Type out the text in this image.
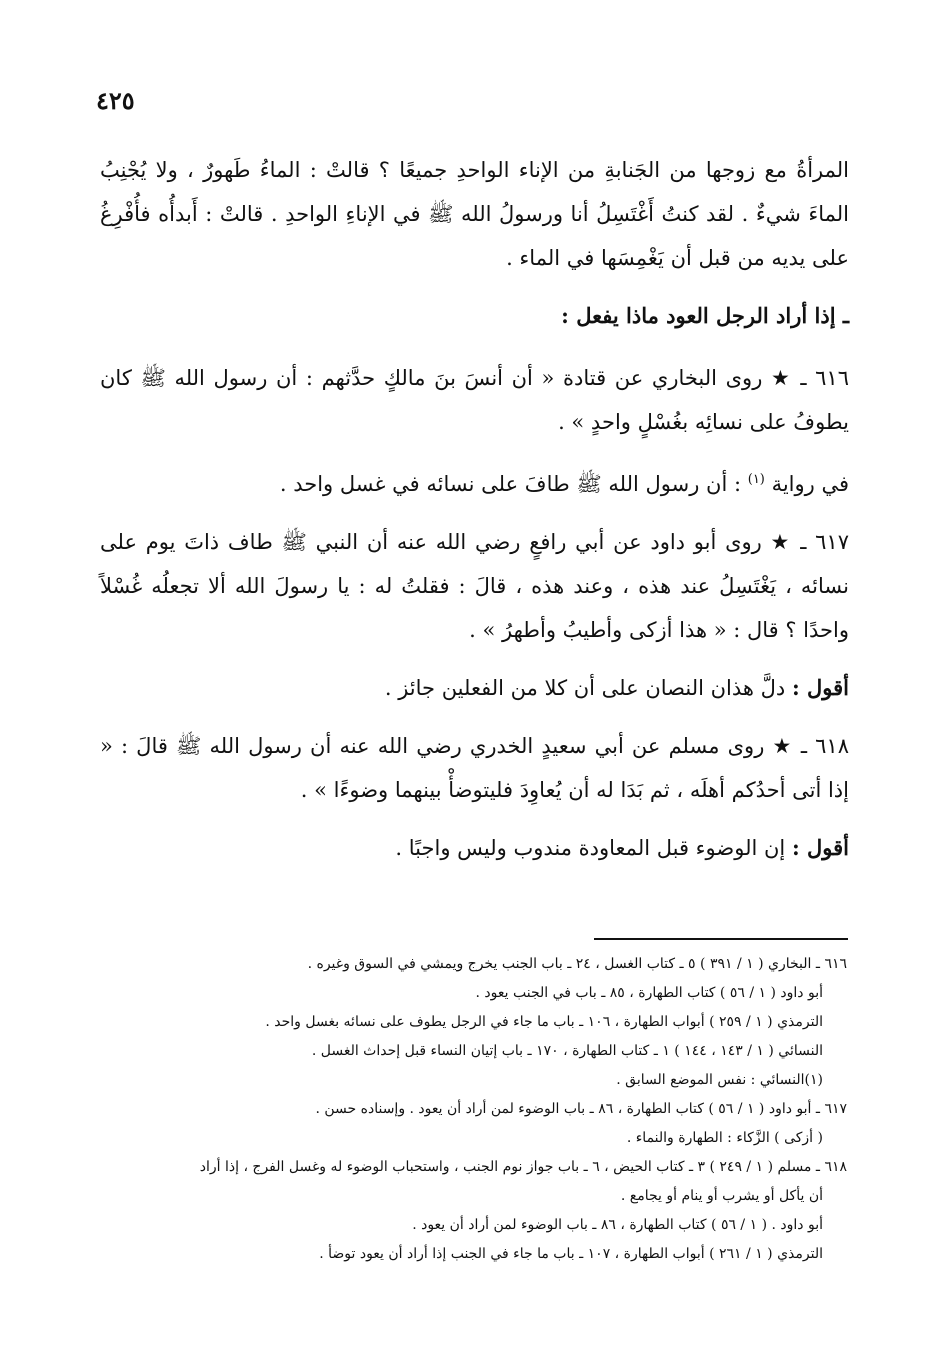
٤٢٥

المرأةُ مع زوجها من الجَنابةِ من الإناء الواحدِ جميعًا ؟ قالتْ : الماءُ طَهورٌ ، ولا يُجْنِبُ الماءَ شيءٌ . لقد كنتُ أَغْتَسِلُ أنا ورسولُ الله ﷺ في الإناءِ الواحدِ . قالتْ : أَبدأُه فأُفْرِغُ على يديه من قبل أن يَغْمِسَها في الماء .

ـ إذا أراد الرجل العود ماذا يفعل :

٦١٦ ـ ★ روى البخاري عن قتادة « أن أنسَ بنَ مالكٍ حدَّثهم : أن رسول الله ﷺ كان يطوفُ على نسائِه بغُسْلٍ واحدٍ » .

في رواية $^{(١)}$ : أن رسول الله ﷺ طافَ على نسائه في غسل واحد .

٦١٧ ـ ★ روى أبو داود عن أبي رافعٍ رضي الله عنه أن النبي ﷺ طاف ذاتَ يوم على نسائه ، يَغْتَسِلُ عند هذه ، وعند هذه ، قالَ : فقلتُ له : يا رسولَ الله ألا تجعلُه غُسْلاً واحدًا ؟ قال : « هذا أزكى وأطيبُ وأطهرُ » .

أقول : دلَّ هذان النصان على أن كلا من الفعلين جائز .

٦١٨ ـ ★ روى مسلم عن أبي سعيدٍ الخدري رضي الله عنه أن رسول الله ﷺ قالَ : « إذا أتى أحدُكم أهلَه ، ثم بَدَا له أن يُعاوِدَ فليتوضأْ بينهما وضوءًا » .

أقول : إن الوضوء قبل المعاودة مندوب وليس واجبًا .

٦١٦ ـ البخاري ( ١ / ٣٩١ ) ٥ ـ كتاب الغسل ، ٢٤ ـ باب الجنب يخرج ويمشي في السوق وغيره .

أبو داود ( ١ / ٥٦ ) كتاب الطهارة ، ٨٥ ـ باب في الجنب يعود .

الترمذي ( ١ / ٢٥٩ ) أبواب الطهارة ، ١٠٦ ـ باب ما جاء في الرجل يطوف على نسائه بغسل واحد .

النسائي ( ١ / ١٤٣ ، ١٤٤ ) ١ ـ كتاب الطهارة ، ١٧٠ ـ باب إتيان النساء قبل إحداث الغسل .

(١)النسائي : نفس الموضع السابق .

٦١٧ ـ أبو داود ( ١ / ٥٦ ) كتاب الطهارة ، ٨٦ ـ باب الوضوء لمن أراد أن يعود . وإسناده حسن .

( أزكى ) الزَّكاء : الطهارة والنماء .

٦١٨ ـ مسلم ( ١ / ٢٤٩ ) ٣ ـ كتاب الحيض ، ٦ ـ باب جواز نوم الجنب ، واستحباب الوضوء له وغسل الفرج ، إذا أراد

أن يأكل أو يشرب أو ينام أو يجامع .

أبو داود . ( ١ / ٥٦ ) كتاب الطهارة ، ٨٦ ـ باب الوضوء لمن أراد أن يعود .

الترمذي ( ١ / ٢٦١ ) أبواب الطهارة ، ١٠٧ ـ باب ما جاء في الجنب إذا أراد أن يعود توضأ .
